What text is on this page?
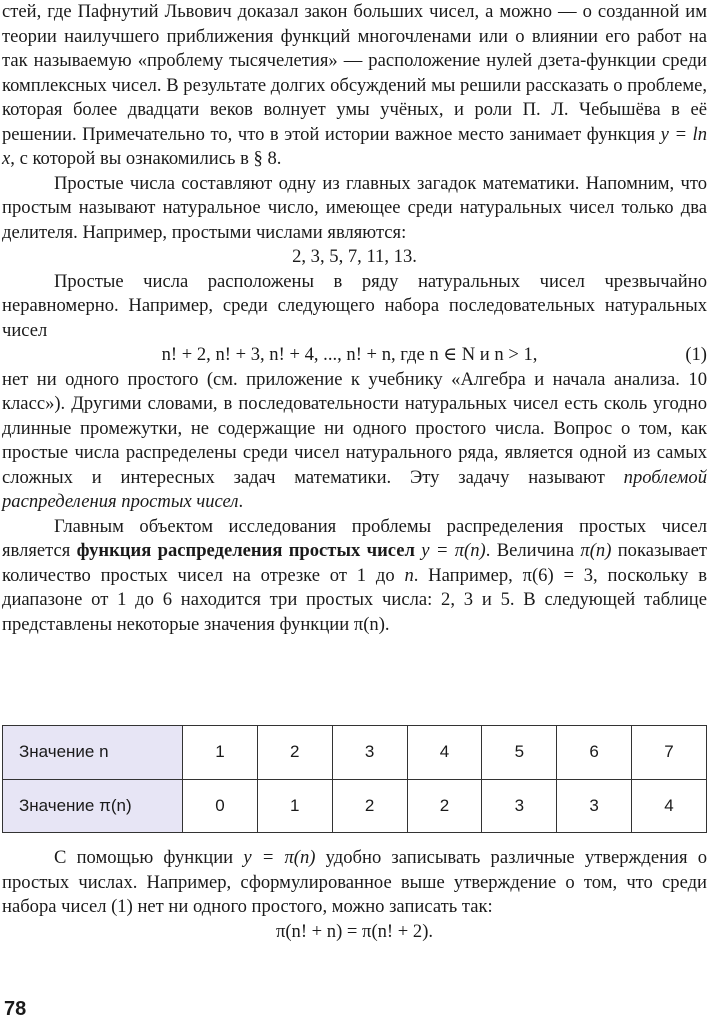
стей, где Пафнутий Львович доказал закон больших чисел, а можно — о созданной им теории наилучшего приближения функций многочленами или о влиянии его работ на так называемую «проблему тысячелетия» — расположение нулей дзета-функции среди комплексных чисел. В результате долгих обсуждений мы решили рассказать о проблеме, которая более двадцати веков волнует умы учёных, и роли П. Л. Чебышёва в её решении. Примечательно то, что в этой истории важное место занимает функция y = ln x, с которой вы ознакомились в § 8.

Простые числа составляют одну из главных загадок математики. Напомним, что простым называют натуральное число, имеющее среди натуральных чисел только два делителя. Например, простыми числами являются:

2, 3, 5, 7, 11, 13.

Простые числа расположены в ряду натуральных чисел чрезвычайно неравномерно. Например, среди следующего набора последовательных натуральных чисел

n! + 2, n! + 3, n! + 4, ..., n! + n, где n ∈ N и n > 1,	(1)

нет ни одного простого (см. приложение к учебнику «Алгебра и начала анализа. 10 класс»). Другими словами, в последовательности натуральных чисел есть сколь угодно длинные промежутки, не содержащие ни одного простого числа. Вопрос о том, как простые числа распределены среди чисел натурального ряда, является одной из самых сложных и интересных задач математики. Эту задачу называют проблемой распределения простых чисел.

Главным объектом исследования проблемы распределения простых чисел является функция распределения простых чисел y = π(n). Величина π(n) показывает количество простых чисел на отрезке от 1 до n. Например, π(6) = 3, поскольку в диапазоне от 1 до 6 находится три простых числа: 2, 3 и 5. В следующей таблице представлены некоторые значения функции π(n).

Значение n	1	2	3	4	5	6	7
Значение π(n)	0	1	2	2	3	3	4

С помощью функции y = π(n) удобно записывать различные утверждения о простых числах. Например, сформулированное выше утверждение о том, что среди набора чисел (1) нет ни одного простого, можно записать так:

π(n! + n) = π(n! + 2).

78
